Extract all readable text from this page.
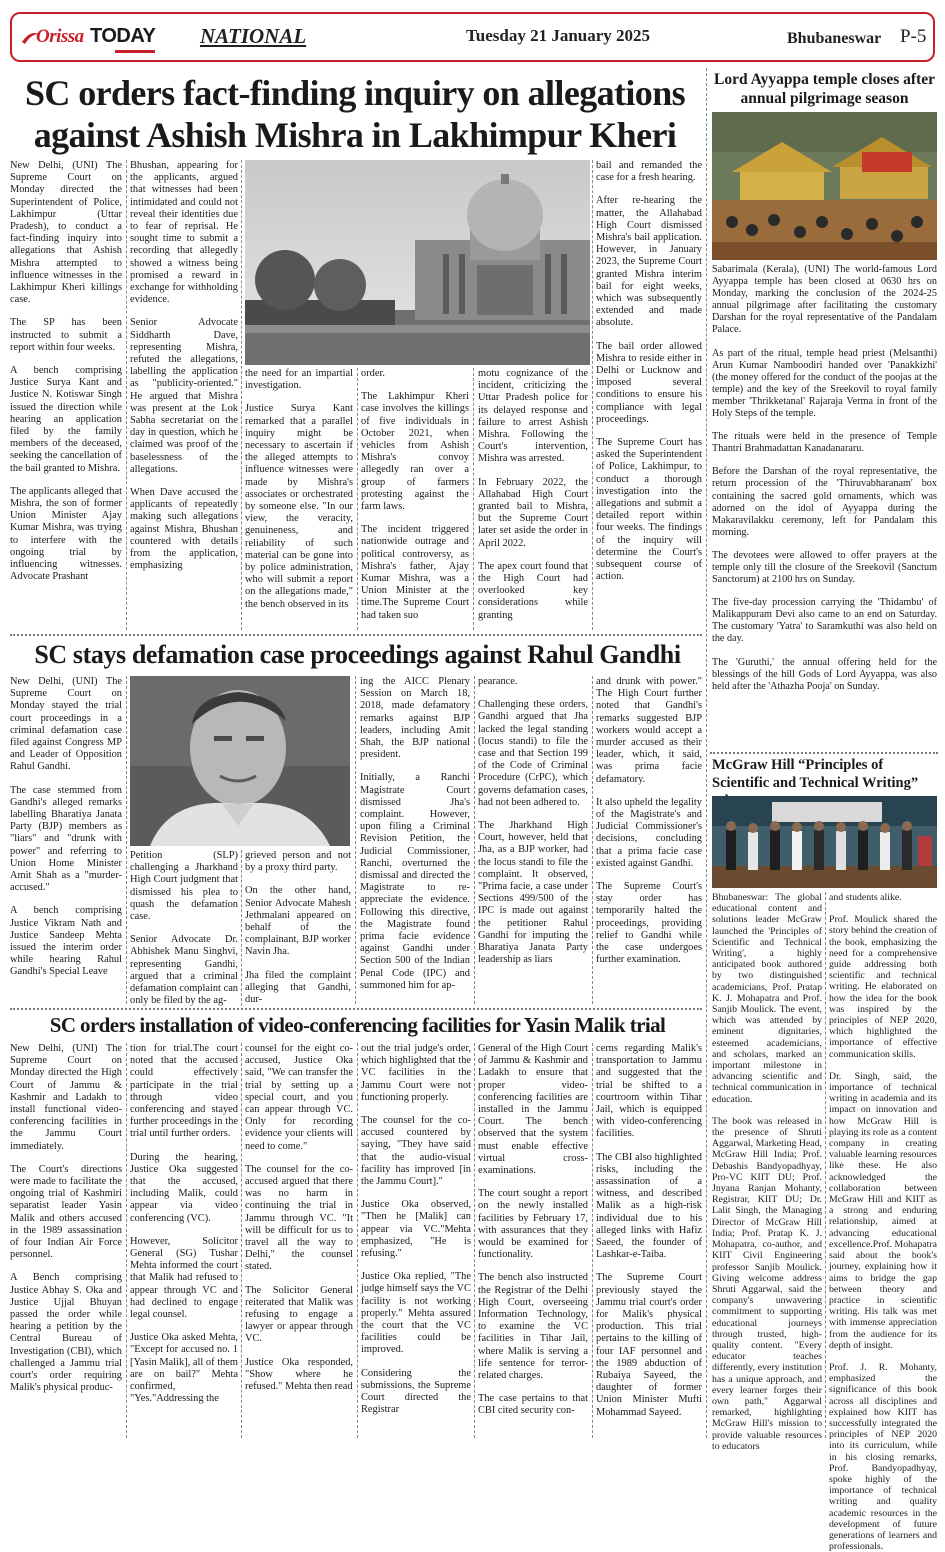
Orissa TODAY NATIONAL	Tuesday 21 January 2025	Bhubaneswar P-5
SC orders fact-finding inquiry on allegations against Ashish Mishra in Lakhimpur Kheri

New Delhi, (UNI) The Supreme Court on Monday directed the Superintendent of Police, Lakhimpur (Uttar Pradesh), to conduct a fact-finding inquiry into allegations that Ashish Mishra attempted to influence witnesses in the Lakhimpur Kheri killings case.

The SP has been instructed to submit a report within four weeks.

A bench comprising Justice Surya Kant and Justice N. Kotiswar Singh issued the direction while hearing an application filed by the family members of the deceased, seeking the cancellation of the bail granted to Mishra.

The applicants alleged that Mishra, the son of former Union Minister Ajay Kumar Mishra, was trying to interfere with the ongoing trial by influencing witnesses. Advocate Prashant

Bhushan, appearing for the applicants, argued that witnesses had been intimidated and could not reveal their identities due to fear of reprisal. He sought time to submit a recording that allegedly showed a witness being promised a reward in exchange for withholding evidence.

Senior Advocate Siddharth Dave, representing Mishra, refuted the allegations, labelling the application as "publicity-oriented." He argued that Mishra was present at the Lok Sabha secretariat on the day in question, which he claimed was proof of the baselessness of the allegations.

When Dave accused the applicants of repeatedly making such allegations against Mishra, Bhushan countered with details from the application, emphasizing

the need for an impartial investigation.

Justice Surya Kant remarked that a parallel inquiry might be necessary to ascertain if the alleged attempts to influence witnesses were made by Mishra's associates or orchestrated by someone else. "In our view, the veracity, genuineness, and reliability of such material can be gone into by police administration, who will submit a report on the allegations made," the bench observed in its

order.

The Lakhimpur Kheri case involves the killings of five individuals in October 2021, when vehicles from Ashish Mishra's convoy allegedly ran over a group of farmers protesting against the farm laws.

The incident triggered nationwide outrage and political controversy, as Mishra's father, Ajay Kumar Mishra, was a Union Minister at the time.The Supreme Court had taken suo

motu cognizance of the incident, criticizing the Uttar Pradesh police for its delayed response and failure to arrest Ashish Mishra. Following the Court's intervention, Mishra was arrested.

In February 2022, the Allahabad High Court granted bail to Mishra, but the Supreme Court later set aside the order in April 2022.

The apex court found that the High Court had overlooked key considerations while granting

bail and remanded the case for a fresh hearing.

After re-hearing the matter, the Allahabad High Court dismissed Mishra's bail application. However, in January 2023, the Supreme Court granted Mishra interim bail for eight weeks, which was subsequently extended and made absolute.

The bail order allowed Mishra to reside either in Delhi or Lucknow and imposed several conditions to ensure his compliance with legal proceedings.

The Supreme Court has asked the Superintendent of Police, Lakhimpur, to conduct a thorough investigation into the allegations and submit a detailed report within four weeks. The findings of the inquiry will determine the Court's subsequent course of action.

SC stays defamation case proceedings against Rahul Gandhi

New Delhi, (UNI) The Supreme Court on Monday stayed the trial court proceedings in a criminal defamation case filed against Congress MP and Leader of Opposition Rahul Gandhi.

The case stemmed from Gandhi's alleged remarks labelling Bharatiya Janata Party (BJP) members as "liars" and "drunk with power" and referring to Union Home Minister Amit Shah as a "murder-accused."

A bench comprising Justice Vikram Nath and Justice Sandeep Mehta issued the interim order while hearing Rahul Gandhi's Special Leave

Petition (SLP) challenging a Jharkhand High Court judgment that dismissed his plea to quash the defamation case.

Senior Advocate Dr. Abhishek Manu Singhvi, representing Gandhi, argued that a criminal defamation complaint can only be filed by the ag-

grieved person and not by a proxy third party.

On the other hand, Senior Advocate Mahesh Jethmalani appeared on behalf of the complainant, BJP worker Navin Jha.

Jha filed the complaint alleging that Gandhi, dur-

ing the AICC Plenary Session on March 18, 2018, made defamatory remarks against BJP leaders, including Amit Shah, the BJP national president.

Initially, a Ranchi Magistrate Court dismissed Jha's complaint. However, upon filing a Criminal Revision Petition, the Judicial Commissioner, Ranchi, overturned the dismissal and directed the Magistrate to re-appreciate the evidence. Following this directive, the Magistrate found prima facie evidence against Gandhi under Section 500 of the Indian Penal Code (IPC) and summoned him for ap-

pearance.

Challenging these orders, Gandhi argued that Jha lacked the legal standing (locus standi) to file the case and that Section 199 of the Code of Criminal Procedure (CrPC), which governs defamation cases, had not been adhered to.

The Jharkhand High Court, however, held that Jha, as a BJP worker, had the locus standi to file the complaint. It observed, "Prima facie, a case under Sections 499/500 of the IPC is made out against the petitioner Rahul Gandhi for imputing the Bharatiya Janata Party leadership as liars

and drunk with power." The High Court further noted that Gandhi's remarks suggested BJP workers would accept a murder accused as their leader, which, it said, was prima facie defamatory.

It also upheld the legality of the Magistrate's and Judicial Commissioner's decisions, concluding that a prima facie case existed against Gandhi.

The Supreme Court's stay order has temporarily halted the proceedings, providing relief to Gandhi while the case undergoes further examination.

SC orders installation of video-conferencing facilities for Yasin Malik trial

New Delhi, (UNI) The Supreme Court on Monday directed the High Court of Jammu & Kashmir and Ladakh to install functional video-conferencing facilities in the Jammu Court immediately.

The Court's directions were made to facilitate the ongoing trial of Kashmiri separatist leader Yasin Malik and others accused in the 1989 assassination of four Indian Air Force personnel.

A Bench comprising Justice Abhay S. Oka and Justice Ujjal Bhuyan passed the order while hearing a petition by the Central Bureau of Investigation (CBI), which challenged a Jammu trial court's order requiring Malik's physical produc-

tion for trial.The court noted that the accused could effectively participate in the trial through video conferencing and stayed further proceedings in the trial until further orders.

During the hearing, Justice Oka suggested that the accused, including Malik, could appear via video conferencing (VC).

However, Solicitor General (SG) Tushar Mehta informed the court that Malik had refused to appear through VC and had declined to engage legal counsel.

Justice Oka asked Mehta, "Except for accused no. 1 [Yasin Malik], all of them are on bail?" Mehta confirmed, "Yes."Addressing the

counsel for the eight co-accused, Justice Oka said, "We can transfer the trial by setting up a special court, and you can appear through VC. Only for recording evidence your clients will need to come."

The counsel for the co-accused argued that there was no harm in continuing the trial in Jammu through VC. "It will be difficult for us to travel all the way to Delhi," the counsel stated.

The Solicitor General reiterated that Malik was refusing to engage a lawyer or appear through VC.

Justice Oka responded, "Show where he refused." Mehta then read

out the trial judge's order, which highlighted that the VC facilities in the Jammu Court were not functioning properly.

The counsel for the co-accused countered by saying, "They have said that the audio-visual facility has improved [in the Jammu Court]."

Justice Oka observed, "Then he [Malik] can appear via VC."Mehta emphasized, "He is refusing."

Justice Oka replied, "The judge himself says the VC facility is not working properly." Mehta assured the court that the VC facilities could be improved.

Considering the submissions, the Supreme Court directed the Registrar

General of the High Court of Jammu & Kashmir and Ladakh to ensure that proper video-conferencing facilities are installed in the Jammu Court. The bench observed that the system must enable effective virtual cross-examinations.

The court sought a report on the newly installed facilities by February 17, with assurances that they would be examined for functionality.

The bench also instructed the Registrar of the Delhi High Court, overseeing Information Technology, to examine the VC facilities in Tihar Jail, where Malik is serving a life sentence for terror-related charges.

The case pertains to that CBI cited security con-

cerns regarding Malik's transportation to Jammu and suggested that the trial be shifted to a courtroom within Tihar Jail, which is equipped with video-conferencing facilities.

The CBI also highlighted risks, including the assassination of a witness, and described Malik as a high-risk individual due to his alleged links with Hafiz Saeed, the founder of Lashkar-e-Taiba.

The Supreme Court previously stayed the Jammu trial court's order for Malik's physical production. This trial pertains to the killing of four IAF personnel and the 1989 abduction of Rubaiya Sayeed, the daughter of former Union Minister Mufti Mohammad Sayeed.

Lord Ayyappa temple closes after annual pilgrimage season

Sabarimala (Kerala), (UNI) The world-famous Lord Ayyappa temple has been closed at 0630 hrs on Monday, marking the conclusion of the 2024-25 annual pilgrimage after facilitating the customary Darshan for the royal representative of the Pandalam Palace.

As part of the ritual, temple head priest (Melsanthi) Arun Kumar Namboodiri handed over 'Panakkizhi' (the money offered for the conduct of the poojas at the temple) and the key of the Sreekovil to royal family member 'Thrikketanal' Rajaraja Verma in front of the Holy Steps of the temple.

The rituals were held in the presence of Temple Thantri Brahmadattan Kanadanararu.

Before the Darshan of the royal representative, the return procession of the 'Thiruvabharanam' box containing the sacred gold ornaments, which was adorned on the idol of Ayyappa during the Makaravilakku ceremony, left for Pandalam this morning.

The devotees were allowed to offer prayers at the temple only till the closure of the Sreekovil (Sanctum Sanctorum) at 2100 hrs on Sunday.

The five-day procession carrying the 'Thidambu' of Malikappuram Devi also came to an end on Saturday. The customary 'Yatra' to Saramkuthi was also held on the day.

The 'Guruthi,' the annual offering held for the blessings of the hill Gods of Lord Ayyappa, was also held after the 'Athazha Pooja' on Sunday.

McGraw Hill “Principles of Scientific and Technical Writing”

Bhubaneswar: The global educational content and solutions leader McGraw launched the 'Principles of Scientific and Technical Writing', a highly anticipated book authored by two distinguished academicians, Prof. Pratap K. J. Mohapatra and Prof. Sanjib Moulick. The event, which was attended by eminent dignitaries, esteemed academicians, and scholars, marked an important milestone in advancing scientific and technical communication in education.

The book was released in the presence of Shruti Aggarwal, Marketing Head, McGraw Hill India; Prof. Debashis Bandyopadhyay, Pro-VC KIIT DU; Prof. Jnyana Ranjan Mohanty, Registrar, KIIT DU; Dr. Lalit Singh, the Managing Director of McGraw Hill India; Prof. Pratap K. J. Mohapatra, co-author, and KIIT Civil Engineering professor Sanjib Moulick. Giving welcome address Shruti Aggarwal, said the company's unwavering commitment to supporting educational journeys through trusted, high-quality content. "Every educator teaches differently, every institution has a unique approach, and every learner forges their own path," Aggarwal remarked, highlighting McGraw Hill's mission to provide valuable resources to educators

and students alike.

Prof. Moulick shared the story behind the creation of the book, emphasizing the need for a comprehensive guide addressing both scientific and technical writing. He elaborated on how the idea for the book was inspired by the principles of NEP 2020, which highlighted the importance of effective communication skills.

Dr. Singh, said, the importance of technical writing in academia and its impact on innovation and how McGraw Hill is playing its role as a content company in creating valuable learning resources like these. He also acknowledged the collaboration between McGraw Hill and KIIT as a strong and enduring relationship, aimed at advancing educational excellence.Prof. Mohapatra said about the book's journey, explaining how it aims to bridge the gap between theory and practice in scientific writing. His talk was met with immense appreciation from the audience for its depth of insight.

Prof. J. R. Mohanty, emphasized the significance of this book across all disciplines and explained how KIIT has successfully integrated the principles of NEP 2020 into its curriculum, while in his closing remarks, Prof. Bandyopadhyay, spoke highly of the importance of technical writing and quality academic resources in the development of future generations of learners and professionals.
